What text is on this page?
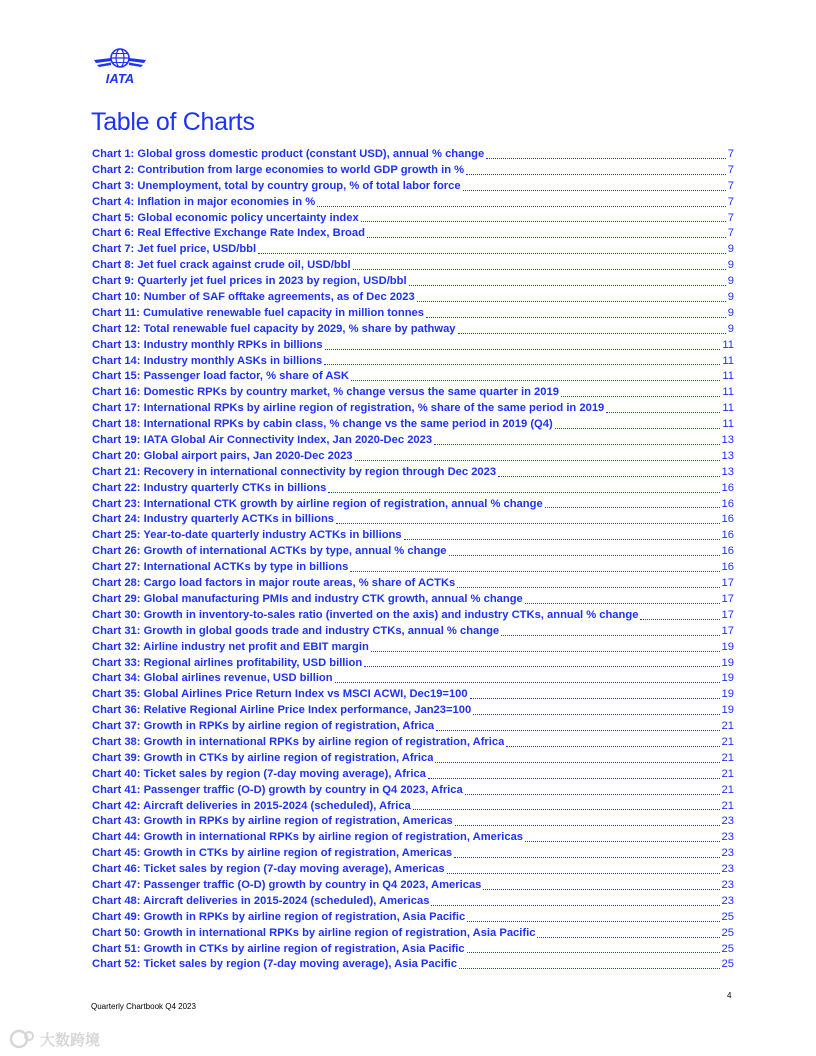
IATA
Table of Charts
Chart 1: Global gross domestic product (constant USD), annual % change	7
Chart 2: Contribution from large economies to world GDP growth in %	7
Chart 3: Unemployment, total by country group, % of total labor force	7
Chart 4: Inflation in major economies in %	7
Chart 5: Global economic policy uncertainty index	7
Chart 6: Real Effective Exchange Rate Index, Broad	7
Chart 7: Jet fuel price, USD/bbl	9
Chart 8: Jet fuel crack against crude oil, USD/bbl	9
Chart 9: Quarterly jet fuel prices in 2023 by region, USD/bbl	9
Chart 10: Number of SAF offtake agreements, as of Dec 2023	9
Chart 11: Cumulative renewable fuel capacity in million tonnes	9
Chart 12: Total renewable fuel capacity by 2029, % share by pathway	9
Chart 13: Industry monthly RPKs in billions	11
Chart 14: Industry monthly ASKs in billions	11
Chart 15: Passenger load factor, % share of ASK	11
Chart 16: Domestic RPKs by country market, % change versus the same quarter in 2019	11
Chart 17: International RPKs by airline region of registration, % share of the same period in 2019	11
Chart 18: International RPKs by cabin class, % change vs the same period in 2019 (Q4)	11
Chart 19: IATA Global Air Connectivity Index, Jan 2020-Dec 2023	13
Chart 20: Global airport pairs, Jan 2020-Dec 2023	13
Chart 21: Recovery in international connectivity by region through Dec 2023	13
Chart 22: Industry quarterly CTKs in billions	16
Chart 23: International CTK growth by airline region of registration, annual % change	16
Chart 24: Industry quarterly ACTKs in billions	16
Chart 25: Year-to-date quarterly industry ACTKs in billions	16
Chart 26: Growth of international ACTKs by type, annual % change	16
Chart 27: International ACTKs by type in billions	16
Chart 28: Cargo load factors in major route areas, % share of ACTKs	17
Chart 29: Global manufacturing PMIs and industry CTK growth, annual % change	17
Chart 30: Growth in inventory-to-sales ratio (inverted on the axis) and industry CTKs, annual % change	17
Chart 31: Growth in global goods trade and industry CTKs, annual % change	17
Chart 32: Airline industry net profit and EBIT margin	19
Chart 33: Regional airlines profitability, USD billion	19
Chart 34: Global airlines revenue, USD billion	19
Chart 35: Global Airlines Price Return Index vs MSCI ACWI, Dec19=100	19
Chart 36: Relative Regional Airline Price Index performance, Jan23=100	19
Chart 37: Growth in RPKs by airline region of registration, Africa	21
Chart 38: Growth in international RPKs by airline region of registration, Africa	21
Chart 39: Growth in CTKs by airline region of registration, Africa	21
Chart 40: Ticket sales by region (7-day moving average), Africa	21
Chart 41: Passenger traffic (O-D) growth by country in Q4 2023, Africa	21
Chart 42: Aircraft deliveries in 2015-2024 (scheduled), Africa	21
Chart 43: Growth in RPKs by airline region of registration, Americas	23
Chart 44: Growth in international RPKs by airline region of registration, Americas	23
Chart 45: Growth in CTKs by airline region of registration, Americas	23
Chart 46: Ticket sales by region (7-day moving average), Americas	23
Chart 47: Passenger traffic (O-D) growth by country in Q4 2023, Americas	23
Chart 48: Aircraft deliveries in 2015-2024 (scheduled), Americas	23
Chart 49: Growth in RPKs by airline region of registration, Asia Pacific	25
Chart 50: Growth in international RPKs by airline region of registration, Asia Pacific	25
Chart 51: Growth in CTKs by airline region of registration, Asia Pacific	25
Chart 52: Ticket sales by region (7-day moving average), Asia Pacific	25
4
Quarterly Chartbook Q4 2023
大数跨境
